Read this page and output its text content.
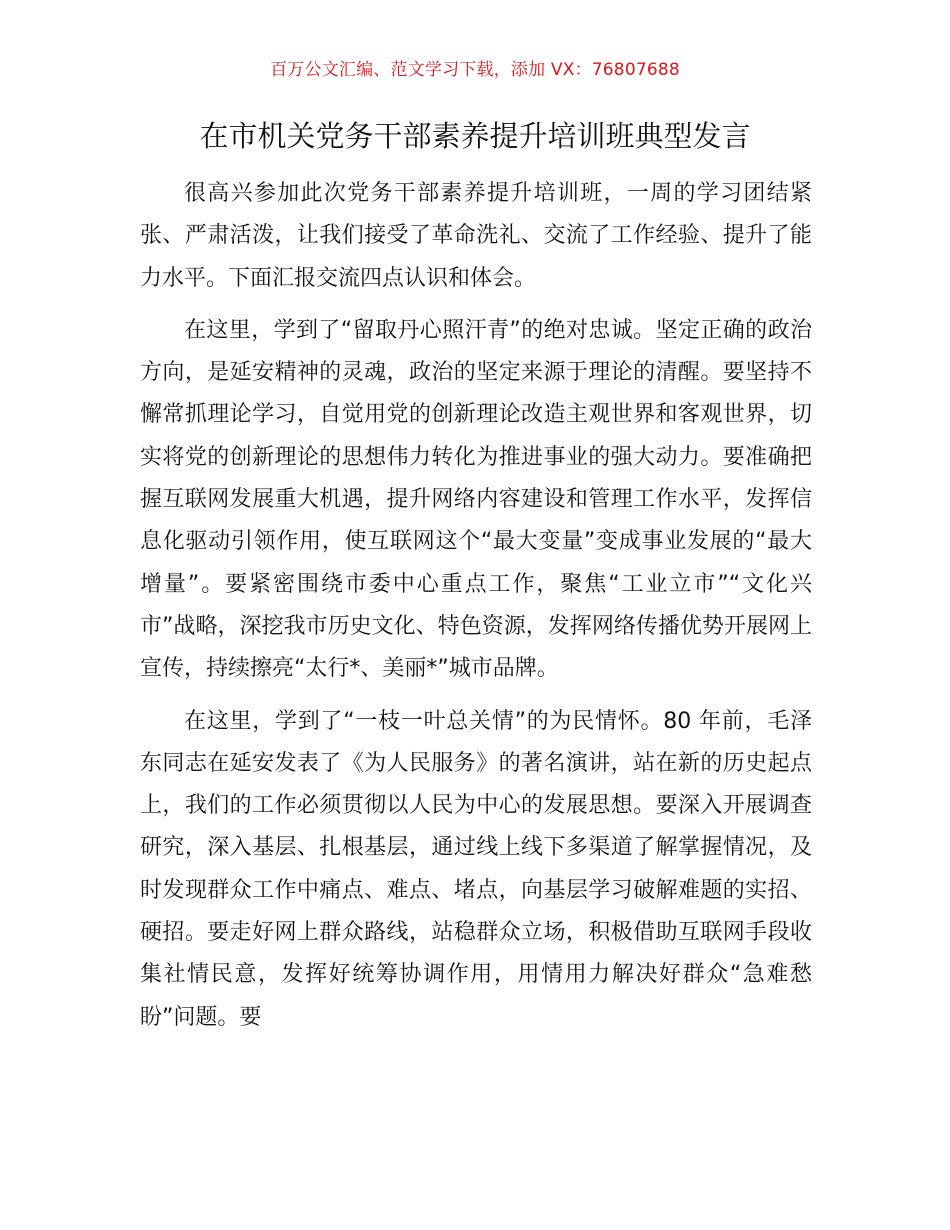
百万公文汇编、范文学习下载，添加 VX：76807688
在市机关党务干部素养提升培训班典型发言

很高兴参加此次党务干部素养提升培训班，一周的学习团结紧张、严肃活泼，让我们接受了革命洗礼、交流了工作经验、提升了能力水平。下面汇报交流四点认识和体会。

在这里，学到了“留取丹心照汗青”的绝对忠诚。坚定正确的政治方向，是延安精神的灵魂，政治的坚定来源于理论的清醒。要坚持不懈常抓理论学习，自觉用党的创新理论改造主观世界和客观世界，切实将党的创新理论的思想伟力转化为推进事业的强大动力。要准确把握互联网发展重大机遇，提升网络内容建设和管理工作水平，发挥信息化驱动引领作用，使互联网这个“最大变量”变成事业发展的“最大增量”。要紧密围绕市委中心重点工作，聚焦“工业立市”“文化兴市”战略，深挖我市历史文化、特色资源，发挥网络传播优势开展网上宣传，持续擦亮“太行*、美丽*”城市品牌。

在这里，学到了“一枝一叶总关情”的为民情怀。80 年前，毛泽东同志在延安发表了《为人民服务》的著名演讲，站在新的历史起点上，我们的工作必须贯彻以人民为中心的发展思想。要深入开展调查研究，深入基层、扎根基层，通过线上线下多渠道了解掌握情况，及时发现群众工作中痛点、难点、堵点，向基层学习破解难题的实招、硬招。要走好网上群众路线，站稳群众立场，积极借助互联网手段收集社情民意，发挥好统筹协调作用，用情用力解决好群众“急难愁盼”问题。要
